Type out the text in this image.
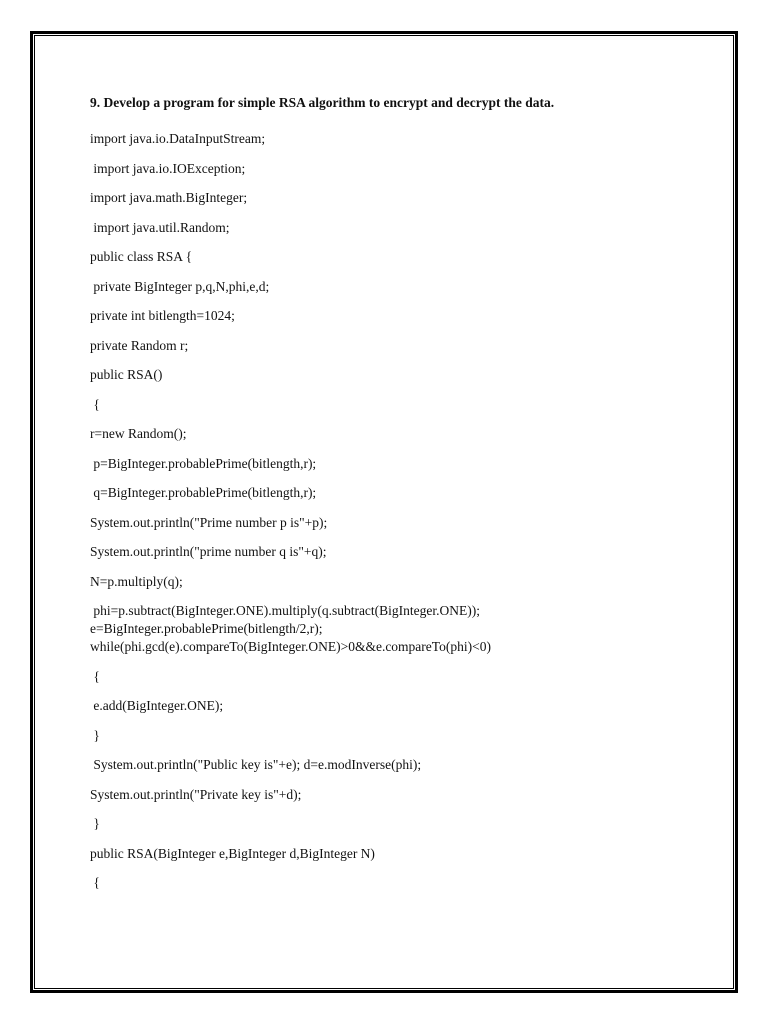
9. Develop a program for simple RSA algorithm to encrypt and decrypt the data.
import java.io.DataInputStream;
import java.io.IOException;
import java.math.BigInteger;
import java.util.Random;
public class RSA {
private BigInteger p,q,N,phi,e,d;
private int bitlength=1024;
private Random r;
public RSA()
{
r=new Random();
p=BigInteger.probablePrime(bitlength,r);
q=BigInteger.probablePrime(bitlength,r);
System.out.println("Prime number p is"+p);
System.out.println("prime number q is"+q);
N=p.multiply(q);
phi=p.subtract(BigInteger.ONE).multiply(q.subtract(BigInteger.ONE));
e=BigInteger.probablePrime(bitlength/2,r);
while(phi.gcd(e).compareTo(BigInteger.ONE)>0&&e.compareTo(phi)<0)
{
e.add(BigInteger.ONE);
}
System.out.println("Public key is"+e); d=e.modInverse(phi);
System.out.println("Private key is"+d);
}
public RSA(BigInteger e,BigInteger d,BigInteger N)
{
